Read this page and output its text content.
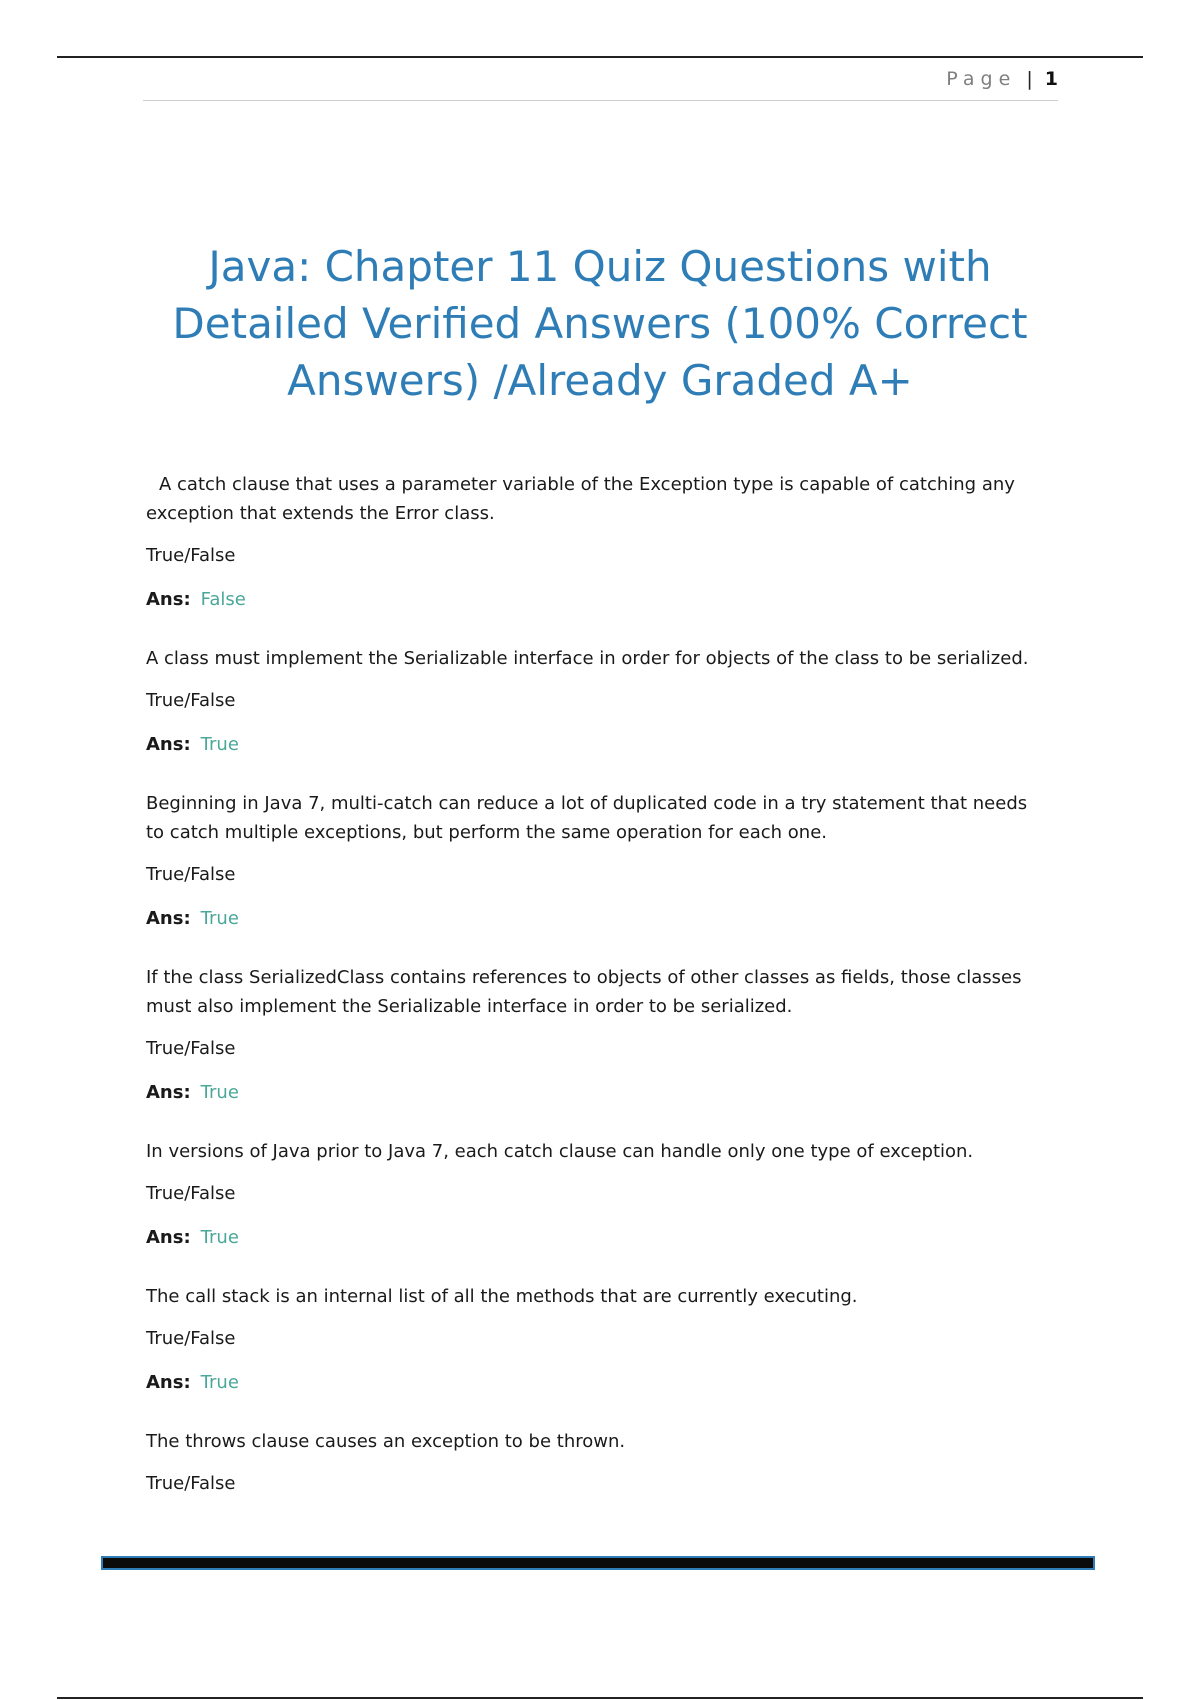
Page | 1
Java: Chapter 11 Quiz Questions with Detailed Verified Answers (100% Correct Answers) /Already Graded A+

A catch clause that uses a parameter variable of the Exception type is capable of catching any exception that extends the Error class.

True/False

Ans: False

A class must implement the Serializable interface in order for objects of the class to be serialized.

True/False

Ans: True

Beginning in Java 7, multi-catch can reduce a lot of duplicated code in a try statement that needs to catch multiple exceptions, but perform the same operation for each one.

True/False

Ans: True

If the class SerializedClass contains references to objects of other classes as fields, those classes must also implement the Serializable interface in order to be serialized.

True/False

Ans: True

In versions of Java prior to Java 7, each catch clause can handle only one type of exception.

True/False

Ans: True

The call stack is an internal list of all the methods that are currently executing.

True/False

Ans: True

The throws clause causes an exception to be thrown.

True/False
